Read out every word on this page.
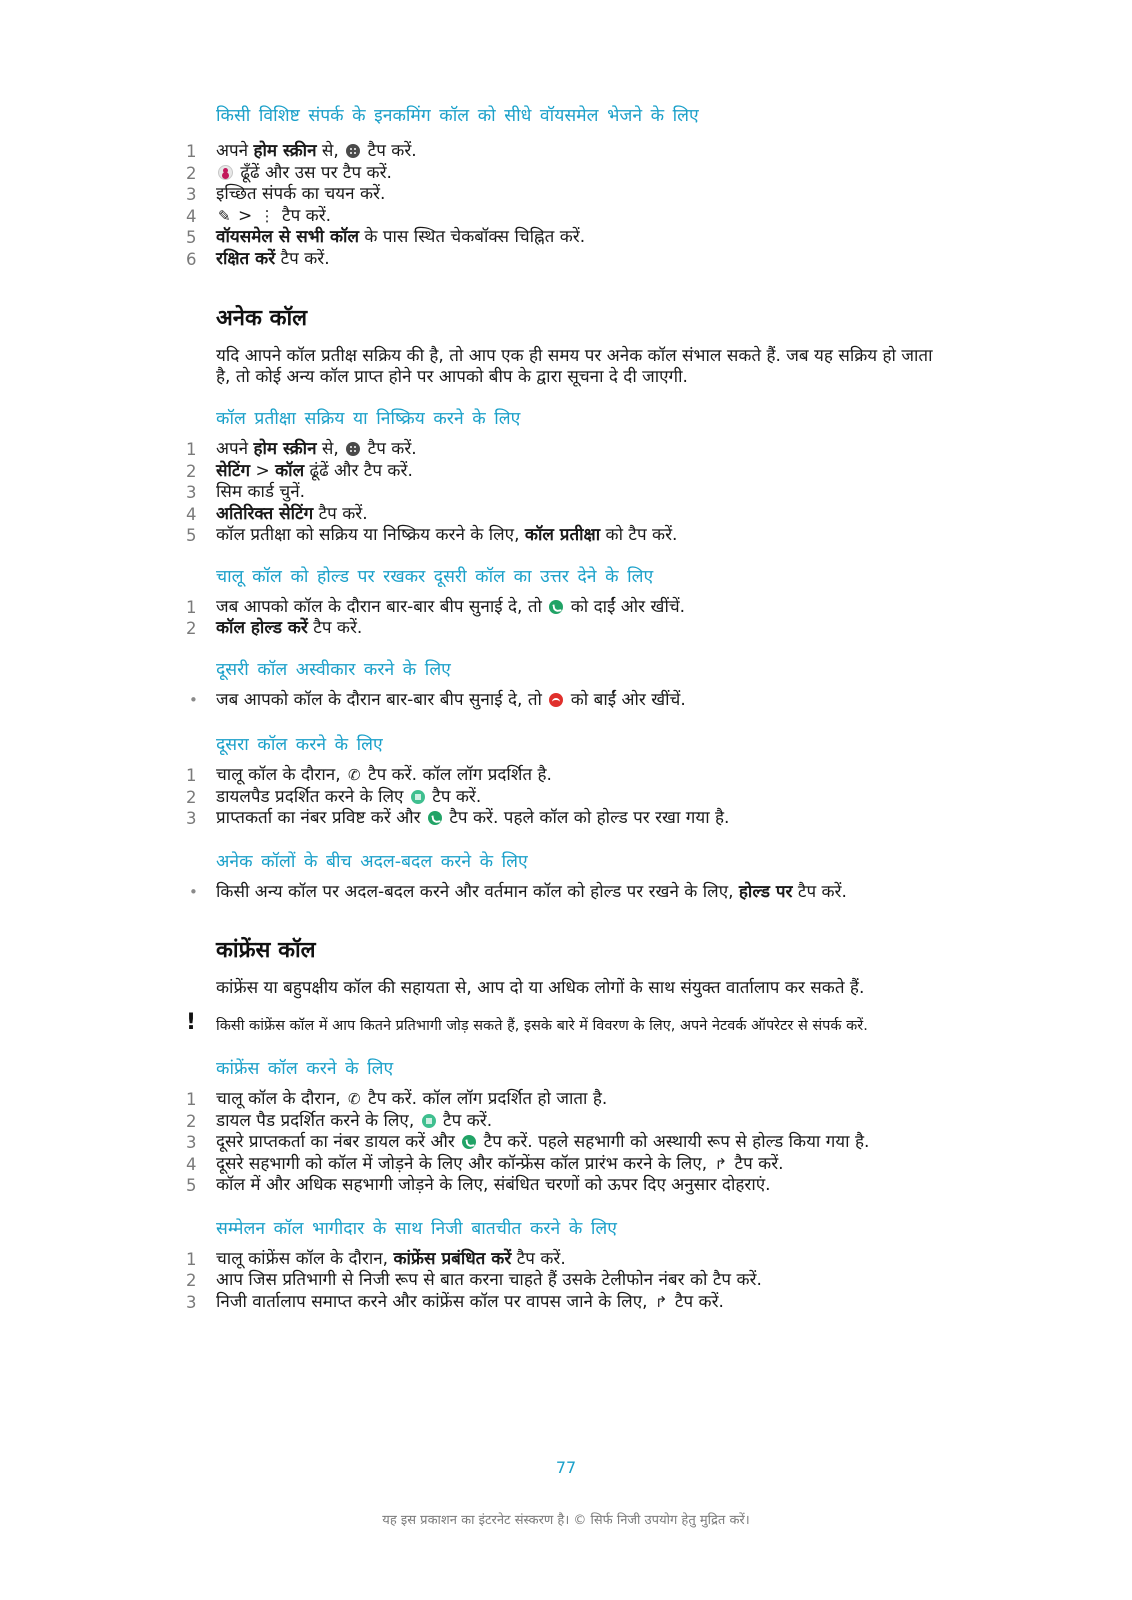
किसी विशिष्ट संपर्क के इनकमिंग कॉल को सीधे वॉयसमेल भेजने के लिए

1 अपने होम स्क्रीन से,  टैप करें.
2 ढूँढें और उस पर टैप करें.
3 इच्छित संपर्क का चयन करें.
4 ✎ > ⋮ टैप करें.
5 वॉयसमेल से सभी कॉल के पास स्थित चेकबॉक्स चिह्नित करें.
6 रक्षित करें टैप करें.
अनेक कॉल

यदि आपने कॉल प्रतीक्ष सक्रिय की है, तो आप एक ही समय पर अनेक कॉल संभाल सकते हैं. जब यह सक्रिय हो जाता है, तो कोई अन्य कॉल प्राप्त होने पर आपको बीप के द्वारा सूचना दे दी जाएगी.

कॉल प्रतीक्षा सक्रिय या निष्क्रिय करने के लिए

1 अपने होम स्क्रीन से,  टैप करें.
2 सेटिंग > कॉल ढूंढें और टैप करें.
3 सिम कार्ड चुनें.
4 अतिरिक्त सेटिंग टैप करें.
5 कॉल प्रतीक्षा को सक्रिय या निष्क्रिय करने के लिए, कॉल प्रतीक्षा को टैप करें.

चालू कॉल को होल्ड पर रखकर दूसरी कॉल का उत्तर देने के लिए

1 जब आपको कॉल के दौरान बार-बार बीप सुनाई दे, तो  को दाईं ओर खींचें.
2 कॉल होल्ड करें टैप करें.

दूसरी कॉल अस्वीकार करने के लिए

• जब आपको कॉल के दौरान बार-बार बीप सुनाई दे, तो  को बाईं ओर खींचें.

दूसरा कॉल करने के लिए

1 चालू कॉल के दौरान, ✆ टैप करें. कॉल लॉग प्रदर्शित है.
2 डायलपैड प्रदर्शित करने के लिए  टैप करें.
3 प्राप्तकर्ता का नंबर प्रविष्ट करें और  टैप करें. पहले कॉल को होल्ड पर रखा गया है.

अनेक कॉलों के बीच अदल-बदल करने के लिए

• किसी अन्य कॉल पर अदल-बदल करने और वर्तमान कॉल को होल्ड पर रखने के लिए, होल्ड पर टैप करें.
कांफ्रेंस कॉल

कांफ्रेंस या बहुपक्षीय कॉल की सहायता से, आप दो या अधिक लोगों के साथ संयुक्त वार्तालाप कर सकते हैं.

! किसी कांफ्रेंस कॉल में आप कितने प्रतिभागी जोड़ सकते हैं, इसके बारे में विवरण के लिए, अपने नेटवर्क ऑपरेटर से संपर्क करें.

कांफ्रेंस कॉल करने के लिए

1 चालू कॉल के दौरान, ✆ टैप करें. कॉल लॉग प्रदर्शित हो जाता है.
2 डायल पैड प्रदर्शित करने के लिए,  टैप करें.
3 दूसरे प्राप्तकर्ता का नंबर डायल करें और  टैप करें. पहले सहभागी को अस्थायी रूप से होल्ड किया गया है.
4 दूसरे सहभागी को कॉल में जोड़ने के लिए और कॉन्फ्रेंस कॉल प्रारंभ करने के लिए, ↱ टैप करें.
5 कॉल में और अधिक सहभागी जोड़ने के लिए, संबंधित चरणों को ऊपर दिए अनुसार दोहराएं.

सम्मेलन कॉल भागीदार के साथ निजी बातचीत करने के लिए

1 चालू कांफ्रेंस कॉल के दौरान, कांफ्रेंस प्रबंधित करें टैप करें.
2 आप जिस प्रतिभागी से निजी रूप से बात करना चाहते हैं उसके टेलीफोन नंबर को टैप करें.
3 निजी वार्तालाप समाप्त करने और कांफ्रेंस कॉल पर वापस जाने के लिए, ↱ टैप करें.

77

यह इस प्रकाशन का इंटरनेट संस्करण है। © सिर्फ निजी उपयोग हेतु मुद्रित करें।
